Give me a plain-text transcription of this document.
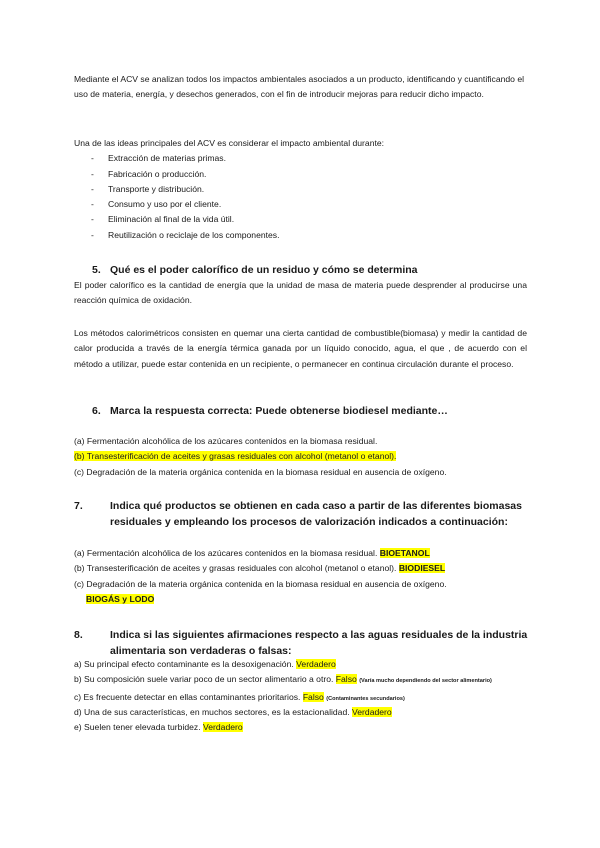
Mediante el ACV se analizan todos los impactos ambientales asociados a un producto, identificando y cuantificando el uso de materia, energía, y desechos generados, con el fin de introducir mejoras para reducir dicho impacto.
Una de las ideas principales del ACV es considerar el impacto ambiental durante:
- Extracción de materias primas.
- Fabricación o producción.
- Transporte y distribución.
- Consumo y uso por el cliente.
- Eliminación al final de la vida útil.
- Reutilización o reciclaje de los componentes.
5. Qué es el poder calorífico de un residuo y cómo se determina
El poder calorífico es la cantidad de energía que la unidad de masa de materia puede desprender al producirse una reacción química de oxidación.
Los métodos calorimétricos consisten en quemar una cierta cantidad de combustible(biomasa) y medir la cantidad de calor producida a través de la energía térmica ganada por un líquido conocido, agua, el que , de acuerdo con el método a utilizar, puede estar contenida en un recipiente, o permanecer en continua circulación durante el proceso.
6. Marca la respuesta correcta: Puede obtenerse biodiesel mediante…

(a) Fermentación alcohólica de los azúcares contenidos en la biomasa residual.

(b) Transesterificación de aceites y grasas residuales con alcohol (metanol o etanol).

(c) Degradación de la materia orgánica contenida en la biomasa residual en ausencia de oxígeno.

7.	Indica qué productos se obtienen en cada caso a partir de las diferentes biomasas residuales y empleando los procesos de valorización indicados a continuación:

(a) Fermentación alcohólica de los azúcares contenidos en la biomasa residual. BIOETANOL

(b) Transesterificación de aceites y grasas residuales con alcohol (metanol o etanol). BIODIESEL

(c) Degradación de la materia orgánica contenida en la biomasa residual en ausencia de oxígeno.

BIOGÁS y LODO

8.	Indica si las siguientes afirmaciones respecto a las aguas residuales de la industria alimentaria son verdaderas o falsas:

a) Su principal efecto contaminante es la desoxigenación. Verdadero

b) Su composición suele variar poco de un sector alimentario a otro. Falso (Varía mucho dependiendo del sector alimentario)

c) Es frecuente detectar en ellas contaminantes prioritarios. Falso (Contaminantes secundarios)

d) Una de sus características, en muchos sectores, es la estacionalidad. Verdadero

e) Suelen tener elevada turbidez. Verdadero
